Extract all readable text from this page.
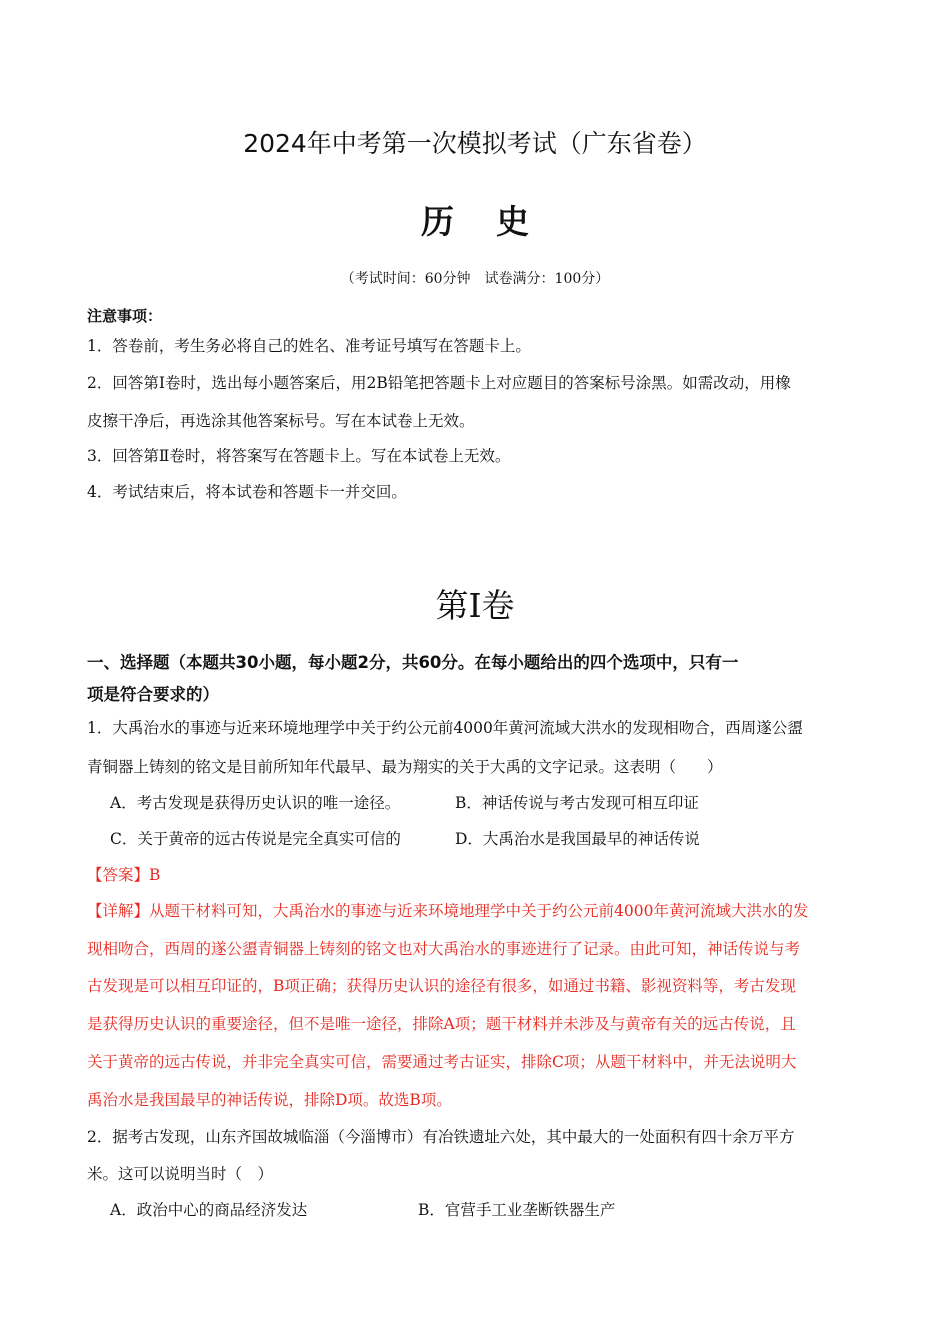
2024年中考第一次模拟考试（广东省卷）
历史
（考试时间：60分钟　试卷满分：100分）
注意事项：
1．答卷前，考生务必将自己的姓名、准考证号填写在答题卡上。
2．回答第Ⅰ卷时，选出每小题答案后，用2B铅笔把答题卡上对应题目的答案标号涂黑。如需改动，用橡
皮擦干净后，再选涂其他答案标号。写在本试卷上无效。
3．回答第Ⅱ卷时，将答案写在答题卡上。写在本试卷上无效。
4．考试结束后，将本试卷和答题卡一并交回。
第Ⅰ卷
一、选择题（本题共30小题，每小题2分，共60分。在每小题给出的四个选项中，只有一
项是符合要求的）
1．大禹治水的事迹与近来环境地理学中关于约公元前4000年黄河流域大洪水的发现相吻合，西周遂公盨
青铜器上铸刻的铭文是目前所知年代最早、最为翔实的关于大禹的文字记录。这表明（　　）
A．考古发现是获得历史认识的唯一途径。	B．神话传说与考古发现可相互印证
C．关于黄帝的远古传说是完全真实可信的	D．大禹治水是我国最早的神话传说
【答案】B
【详解】从题干材料可知，大禹治水的事迹与近来环境地理学中关于约公元前4000年黄河流域大洪水的发
现相吻合，西周的遂公盨青铜器上铸刻的铭文也对大禹治水的事迹进行了记录。由此可知，神话传说与考
古发现是可以相互印证的，B项正确；获得历史认识的途径有很多，如通过书籍、影视资料等，考古发现
是获得历史认识的重要途径，但不是唯一途径，排除A项；题干材料并未涉及与黄帝有关的远古传说，且
关于黄帝的远古传说，并非完全真实可信，需要通过考古证实，排除C项；从题干材料中，并无法说明大
禹治水是我国最早的神话传说，排除D项。故选B项。
2．据考古发现，山东齐国故城临淄（今淄博市）有冶铁遗址六处，其中最大的一处面积有四十余万平方
米。这可以说明当时（　）
A．政治中心的商品经济发达	B．官营手工业垄断铁器生产
